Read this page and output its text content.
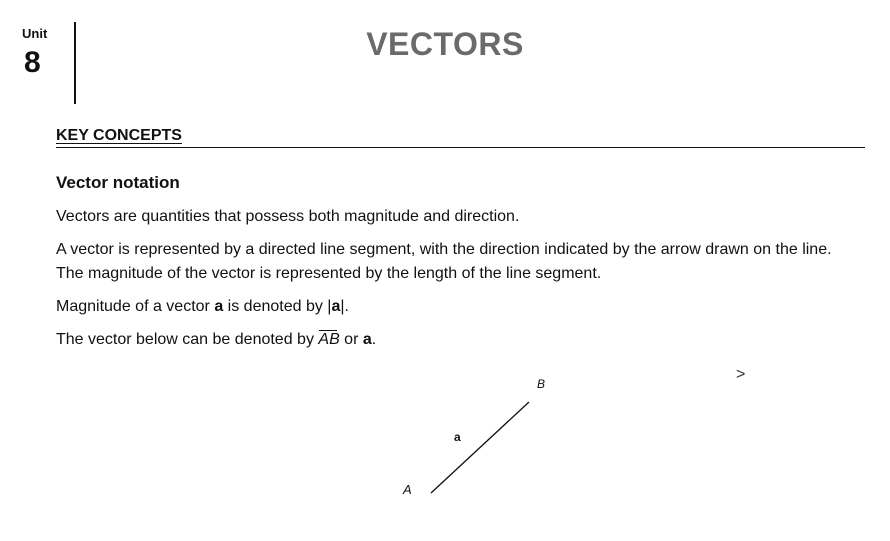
Unit
8
VECTORS
KEY CONCEPTS
Vector notation
Vectors are quantities that possess both magnitude and direction.
A vector is represented by a directed line segment, with the direction indicated by the arrow drawn on the line. The magnitude of the vector is represented by the length of the line segment.
Magnitude of a vector a is denoted by |a|.
The vector below can be denoted by AB or a.
A
B
a
>
